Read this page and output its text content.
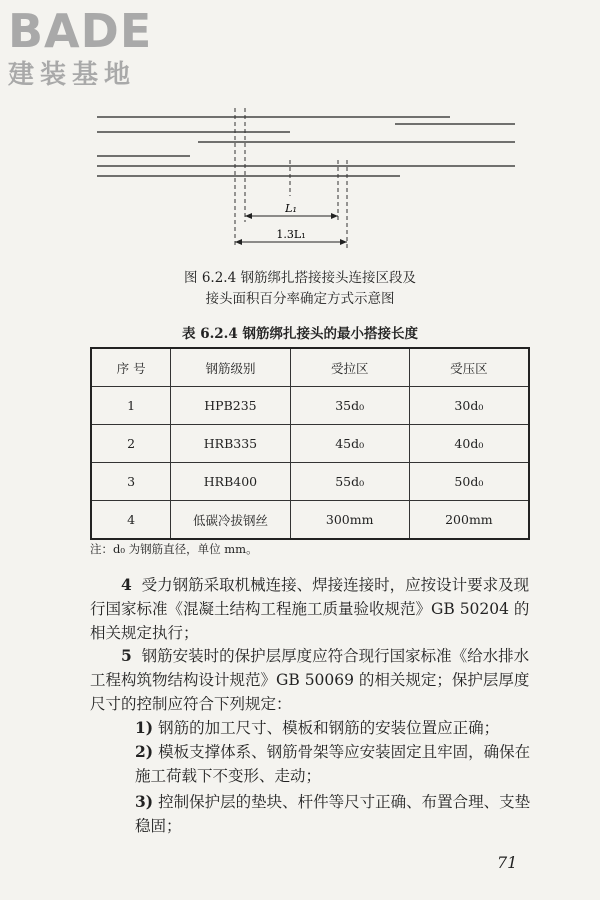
BADE
建装基地
L₁
1.3L₁
图 6.2.4 钢筋绑扎搭接接头连接区段及
接头面积百分率确定方式示意图
表 6.2.4 钢筋绑扎接头的最小搭接长度
序 号	钢筋级别	受拉区	受压区
1	HPB235	35d₀	30d₀
2	HRB335	45d₀	40d₀
3	HRB400	55d₀	50d₀
4	低碳冷拔钢丝	300mm	200mm
注：d₀ 为钢筋直径，单位 mm。
4 受力钢筋采取机械连接、焊接连接时，应按设计要求及现行国家标准《混凝土结构工程施工质量验收规范》GB 50204 的相关规定执行；
5 钢筋安装时的保护层厚度应符合现行国家标准《给水排水工程构筑物结构设计规范》GB 50069 的相关规定；保护层厚度尺寸的控制应符合下列规定：
1) 钢筋的加工尺寸、模板和钢筋的安装位置应正确；
2) 模板支撑体系、钢筋骨架等应安装固定且牢固，确保在施工荷载下不变形、走动；
3) 控制保护层的垫块、杆件等尺寸正确、布置合理、支垫稳固；
71
